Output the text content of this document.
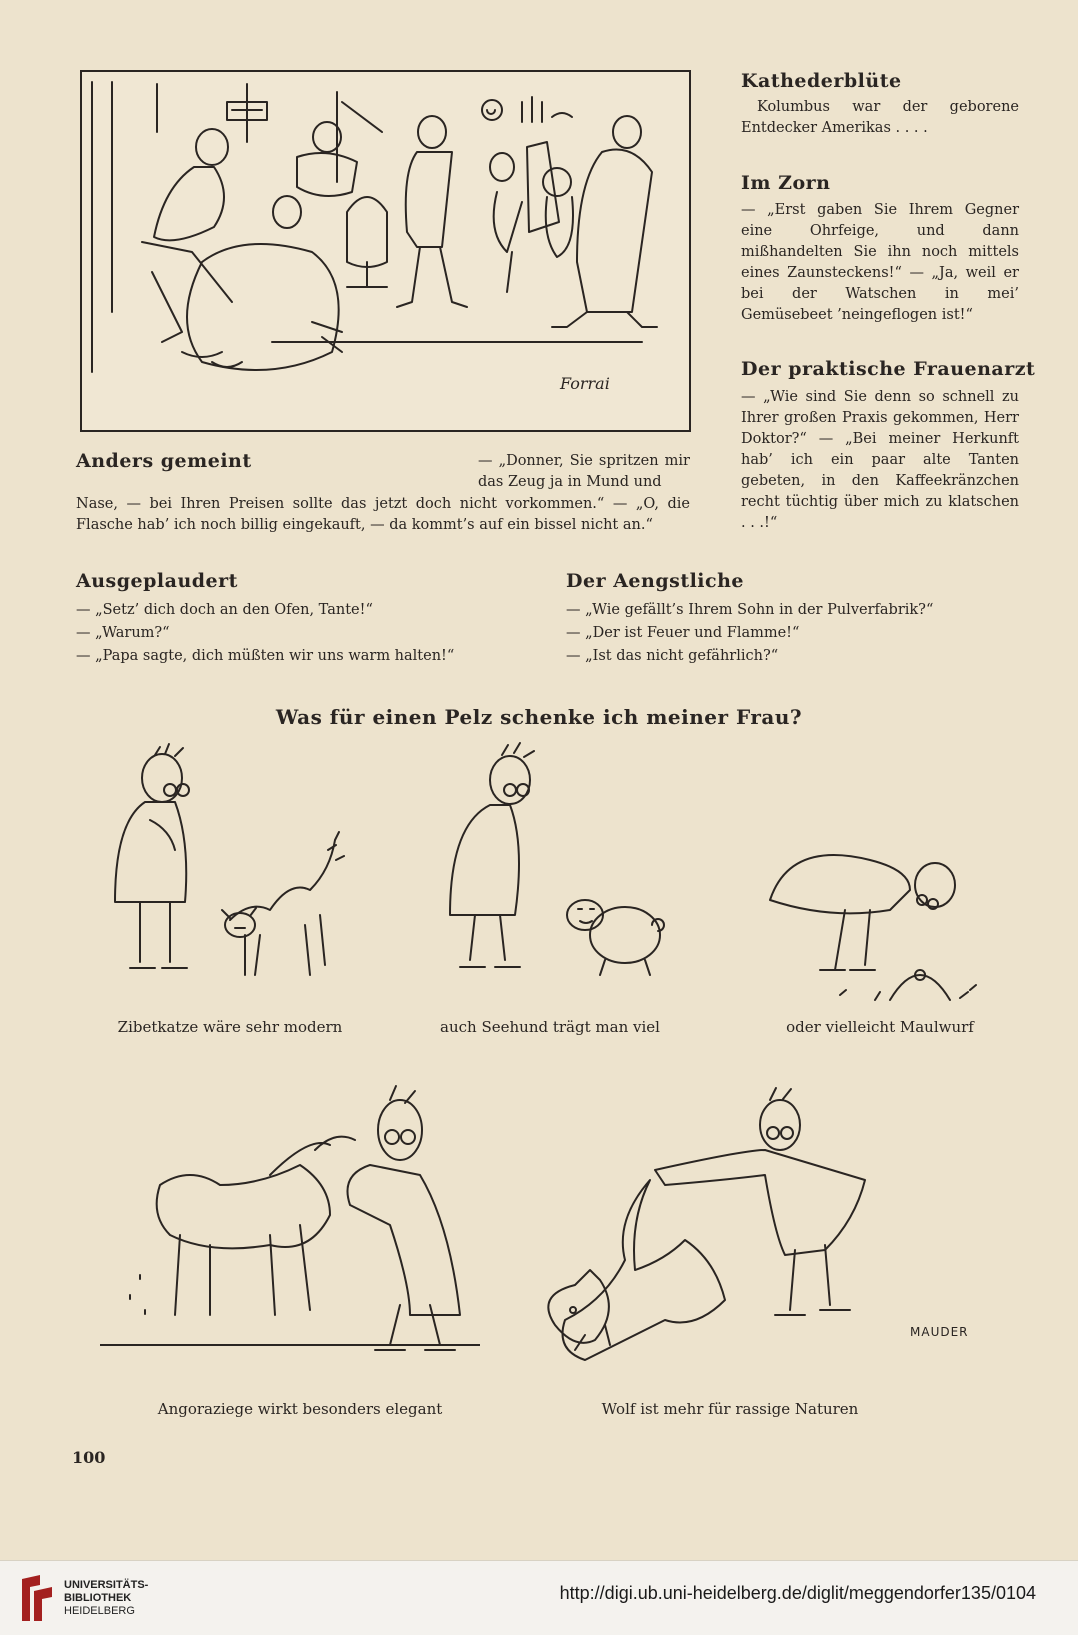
Forrai
Kathederblüte
Kolumbus war der geborene Entdecker Amerikas . . . .
Im Zorn
— „Erst gaben Sie Ihrem Gegner eine Ohrfeige, und dann mißhandelten Sie ihn noch mittels eines Zaunsteckens!“ — „Ja, weil er bei der Watschen in mei’ Gemüsebeet ’neingeflogen ist!“
Der praktische Frauenarzt
— „Wie sind Sie denn so schnell zu Ihrer großen Praxis gekommen, Herr Doktor?“ — „Bei meiner Herkunft hab’ ich ein paar alte Tanten gebeten, in den Kaffeekränzchen recht tüchtig über mich zu klatschen . . .!“
Anders gemeint	— „Donner, Sie spritzen mir das Zeug ja in Mund und
Nase, — bei Ihren Preisen sollte das jetzt doch nicht vorkommen.“ — „O, die Flasche hab’ ich noch billig eingekauft, — da kommt’s auf ein bissel nicht an.“
Ausgeplaudert
— „Setz’ dich doch an den Ofen, Tante!“
— „Warum?“
— „Papa sagte, dich müßten wir uns warm halten!“
Der Aengstliche
— „Wie gefällt’s Ihrem Sohn in der Pulverfabrik?“
— „Der ist Feuer und Flamme!“
— „Ist das nicht gefährlich?“
Was für einen Pelz schenke ich meiner Frau?
Zibetkatze wäre sehr modern	auch Seehund trägt man viel	oder vielleicht Maulwurf
Angoraziege wirkt besonders elegant
MAUDER
Wolf ist mehr für rassige Naturen
100
UNIVERSITÄTS-
BIBLIOTHEK
HEIDELBERG
http://digi.ub.uni-heidelberg.de/diglit/meggendorfer135/0104
